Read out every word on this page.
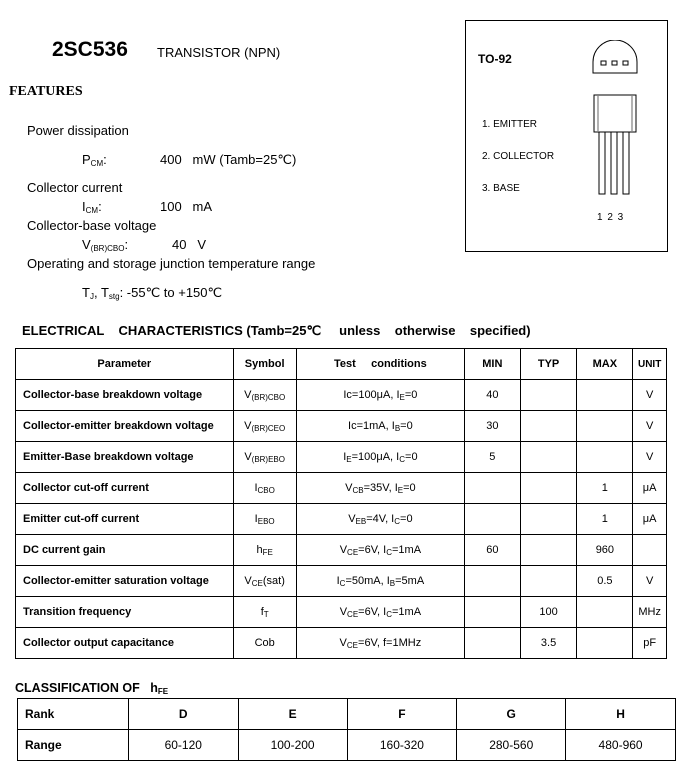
2SC536 TRANSISTOR (NPN)
FEATURES
Power dissipation
$P_{CM}$:	400 mW (Tamb=25℃)
Collector current
$I_{CM}$:	100 mA
Collector-base voltage
$V_{(BR)CBO}$:	40 V
Operating and storage junction temperature range
$T_J$, $T_{stg}$: -55℃ to +150℃
TO-92
1. EMITTER
2. COLLECTOR
3. BASE
1 2 3
ELECTRICAL    CHARACTERISTICS (Tamb=25℃     unless    otherwise    specified)
Parameter	Symbol	Test     conditions	MIN	TYP	MAX	UNIT
Collector-base breakdown voltage	$V_{(BR)CBO}$	Ic=100μA, $I_E=0$	40			V
Collector-emitter breakdown voltage	$V_{(BR)CEO}$	Ic=1mA, $I_B=0$	30			V
Emitter-Base breakdown voltage	$V_{(BR)EBO}$	$I_E=100\mu A$, $I_C=0$	5			V
Collector cut-off current	$I_{CBO}$	$V_{CB}=35V$, $I_E=0$			1	μA
Emitter cut-off current	$I_{EBO}$	$V_{EB}=4V$, $I_C=0$			1	μA
DC current gain	$h_{FE}$	$V_{CE}=6V$, $I_C=1mA$	60		960	
Collector-emitter saturation voltage	$V_{CE}(sat)$	$I_C=50mA$, $I_B=5mA$			0.5	V
Transition frequency	$f_T$	$V_{CE}=6V$, $I_C=1mA$		100		MHz
Collector output capacitance	Cob	$V_{CE}=6V$, f=1MHz		3.5		pF
CLASSIFICATION OF $h_{FE}$
Rank	D	E	F	G	H
Range	60-120	100-200	160-320	280-560	480-960
